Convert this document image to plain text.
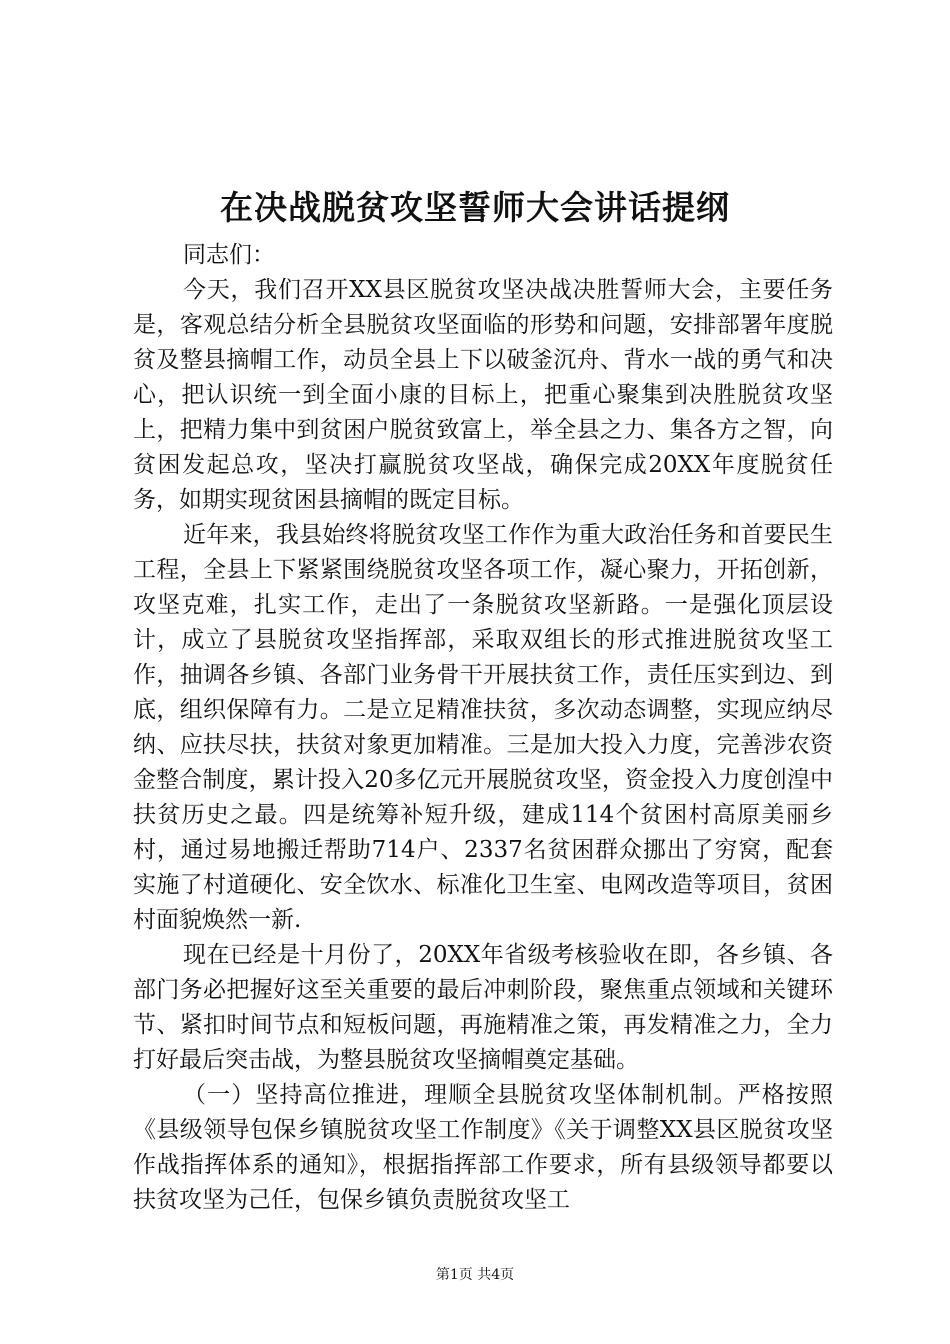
在决战脱贫攻坚誓师大会讲话提纲

同志们：

今天，我们召开XX县区脱贫攻坚决战决胜誓师大会，主要任务是，客观总结分析全县脱贫攻坚面临的形势和问题，安排部署年度脱贫及整县摘帽工作，动员全县上下以破釜沉舟、背水一战的勇气和决心，把认识统一到全面小康的目标上，把重心聚集到决胜脱贫攻坚上，把精力集中到贫困户脱贫致富上，举全县之力、集各方之智，向贫困发起总攻，坚决打赢脱贫攻坚战，确保完成20XX年度脱贫任务，如期实现贫困县摘帽的既定目标。

近年来，我县始终将脱贫攻坚工作作为重大政治任务和首要民生工程，全县上下紧紧围绕脱贫攻坚各项工作，凝心聚力，开拓创新，攻坚克难，扎实工作，走出了一条脱贫攻坚新路。一是强化顶层设计，成立了县脱贫攻坚指挥部，采取双组长的形式推进脱贫攻坚工作，抽调各乡镇、各部门业务骨干开展扶贫工作，责任压实到边、到底，组织保障有力。二是立足精准扶贫，多次动态调整，实现应纳尽纳、应扶尽扶，扶贫对象更加精准。三是加大投入力度，完善涉农资金整合制度，累计投入20多亿元开展脱贫攻坚，资金投入力度创湟中扶贫历史之最。四是统筹补短升级，建成114个贫困村高原美丽乡村，通过易地搬迁帮助714户、2337名贫困群众挪出了穷窝，配套实施了村道硬化、安全饮水、标准化卫生室、电网改造等项目，贫困村面貌焕然一新.

现在已经是十月份了，20XX年省级考核验收在即，各乡镇、各部门务必把握好这至关重要的最后冲刺阶段，聚焦重点领域和关键环节、紧扣时间节点和短板问题，再施精准之策，再发精准之力，全力打好最后突击战，为整县脱贫攻坚摘帽奠定基础。

（一）坚持高位推进，理顺全县脱贫攻坚体制机制。严格按照《县级领导包保乡镇脱贫攻坚工作制度》《关于调整XX县区脱贫攻坚作战指挥体系的通知》，根据指挥部工作要求，所有县级领导都要以扶贫攻坚为己任，包保乡镇负责脱贫攻坚工

第1页 共4页
